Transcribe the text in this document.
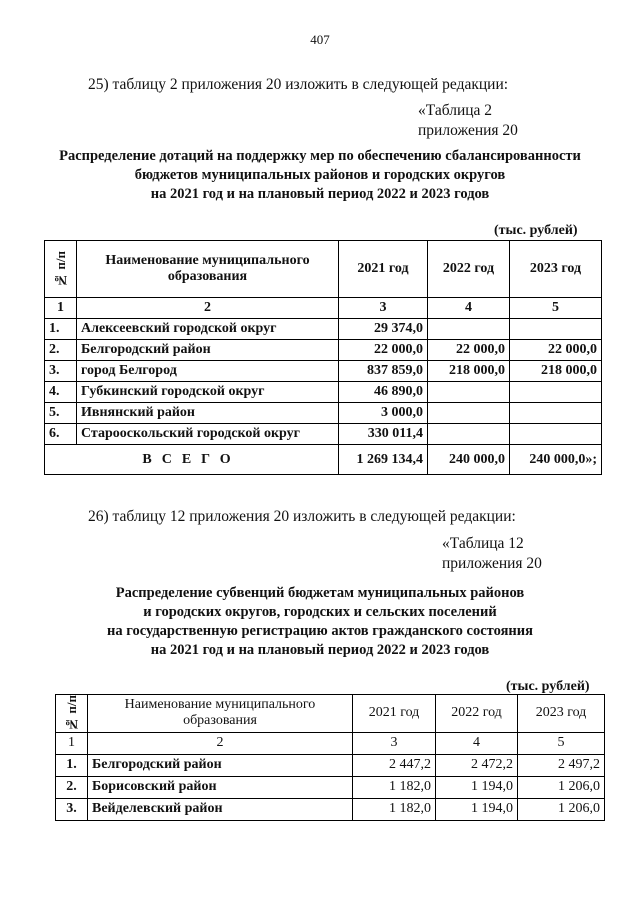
407
25) таблицу 2 приложения 20 изложить в следующей редакции:
«Таблица 2
приложения 20
Распределение дотаций на поддержку мер по обеспечению сбалансированности
бюджетов муниципальных районов и городских округов
на 2021 год и на плановый период 2022 и 2023 годов
(тыс. рублей)
№ п/п	Наименование муниципального образования	2021 год	2022 год	2023 год
1	2	3	4	5
1.	Алексеевский городской округ	29 374,0		
2.	Белгородский район	22 000,0	22 000,0	22 000,0
3.	город Белгород	837 859,0	218 000,0	218 000,0
4.	Губкинский городской округ	46 890,0		
5.	Ивнянский район	3 000,0		
6.	Старооскольский городской округ	330 011,4		
ВСЕГО		1 269 134,4	240 000,0	240 000,0»;
26) таблицу 12 приложения 20 изложить в следующей редакции:
«Таблица 12
приложения 20
Распределение субвенций бюджетам муниципальных районов
и городских округов, городских и сельских поселений
на государственную регистрацию актов гражданского состояния
на 2021 год и на плановый период 2022 и 2023 годов
(тыс. рублей)
№ п/п	Наименование муниципального образования	2021 год	2022 год	2023 год
1	2	3	4	5
1.	Белгородский район	2 447,2	2 472,2	2 497,2
2.	Борисовский район	1 182,0	1 194,0	1 206,0
3.	Вейделевский район	1 182,0	1 194,0	1 206,0
